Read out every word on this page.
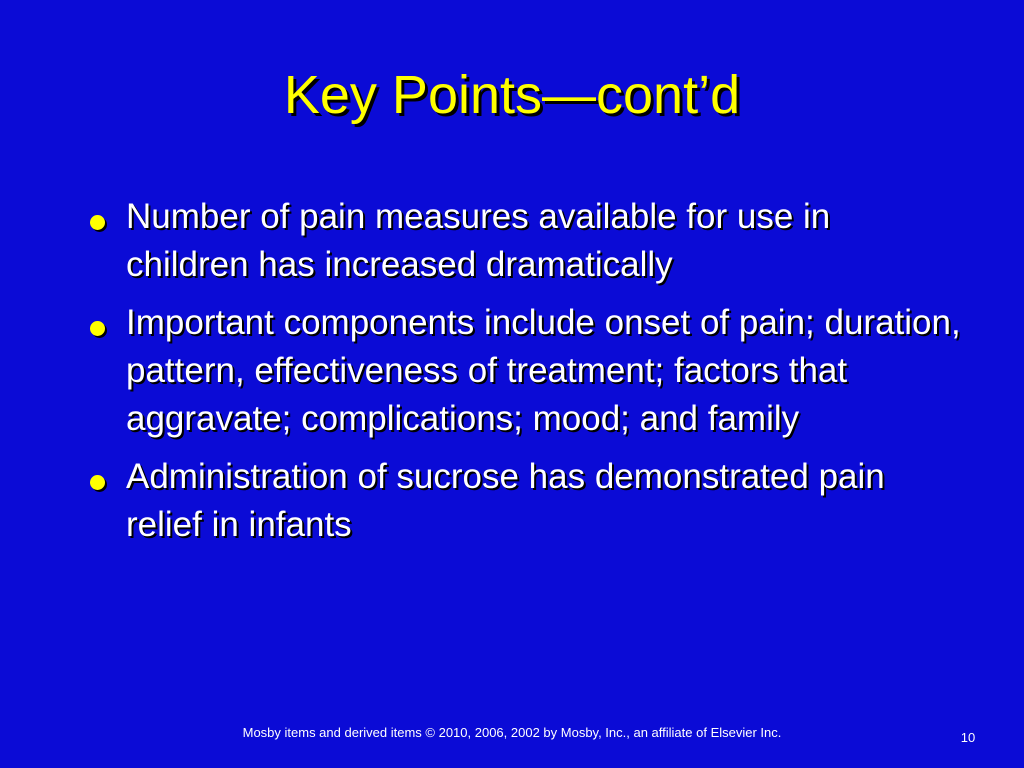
Key Points—cont’d
Number of pain measures available for use in children has increased dramatically
Important components include onset of pain; duration, pattern, effectiveness of treatment; factors that aggravate; complications; mood; and family
Administration of sucrose has demonstrated pain relief in infants
Mosby items and derived items © 2010, 2006, 2002 by Mosby, Inc., an affiliate of Elsevier Inc.	10
